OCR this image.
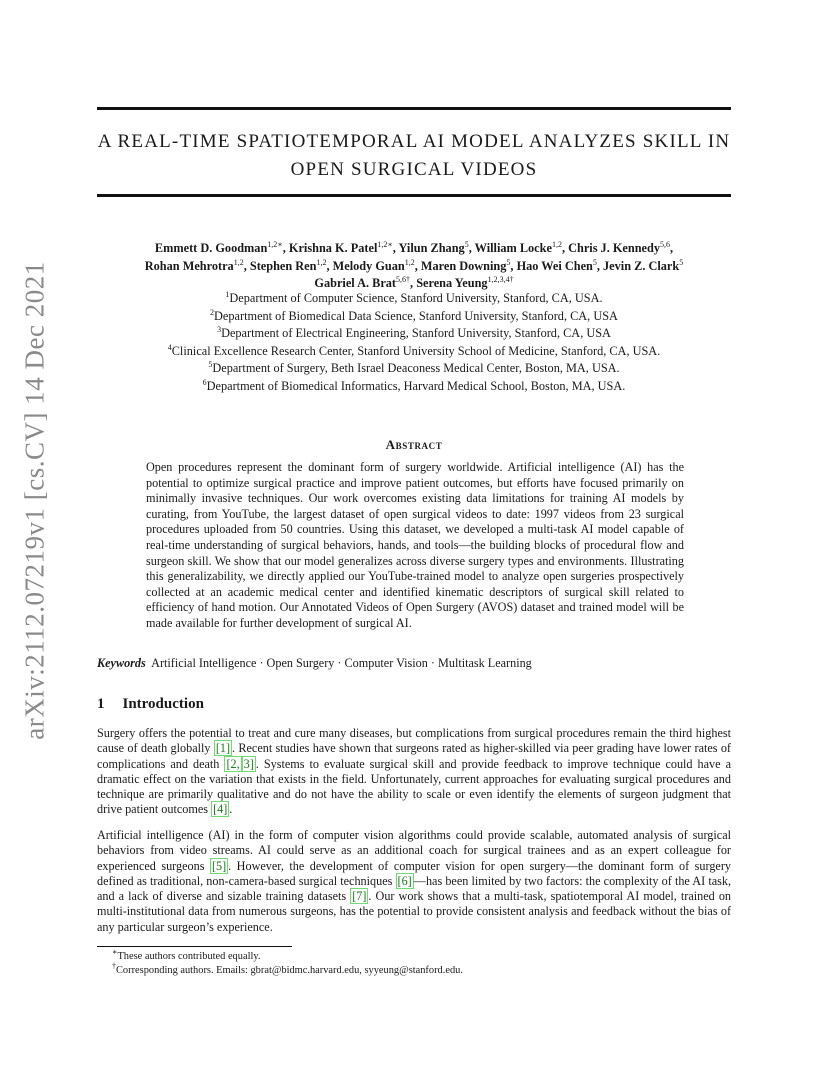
arXiv:2112.07219v1 [cs.CV] 14 Dec 2021
A REAL-TIME SPATIOTEMPORAL AI MODEL ANALYZES SKILL IN OPEN SURGICAL VIDEOS
Emmett D. Goodman$^{1,2∗}$, Krishna K. Patel$^{1,2∗}$, Yilun Zhang$^5$, William Locke$^{1,2}$, Chris J. Kennedy$^{5,6}$,
Rohan Mehrotra$^{1,2}$, Stephen Ren$^{1,2}$, Melody Guan$^{1,2}$, Maren Downing$^5$, Hao Wei Chen$^5$, Jevin Z. Clark$^5$
Gabriel A. Brat$^{5,6\dagger}$, Serena Yeung$^{1,2,3,4\dagger}$
$^1$Department of Computer Science, Stanford University, Stanford, CA, USA.
$^2$Department of Biomedical Data Science, Stanford University, Stanford, CA, USA
$^3$Department of Electrical Engineering, Stanford University, Stanford, CA, USA
$^4$Clinical Excellence Research Center, Stanford University School of Medicine, Stanford, CA, USA.
$^5$Department of Surgery, Beth Israel Deaconess Medical Center, Boston, MA, USA.
$^6$Department of Biomedical Informatics, Harvard Medical School, Boston, MA, USA.
Abstract
Open procedures represent the dominant form of surgery worldwide. Artificial intelligence (AI) has the potential to optimize surgical practice and improve patient outcomes, but efforts have focused primarily on minimally invasive techniques. Our work overcomes existing data limitations for training AI models by curating, from YouTube, the largest dataset of open surgical videos to date: 1997 videos from 23 surgical procedures uploaded from 50 countries. Using this dataset, we developed a multi-task AI model capable of real-time understanding of surgical behaviors, hands, and tools—the building blocks of procedural flow and surgeon skill. We show that our model generalizes across diverse surgery types and environments. Illustrating this generalizability, we directly applied our YouTube-trained model to analyze open surgeries prospectively collected at an academic medical center and identified kinematic descriptors of surgical skill related to efficiency of hand motion. Our Annotated Videos of Open Surgery (AVOS) dataset and trained model will be made available for further development of surgical AI.
Keywords Artificial Intelligence · Open Surgery · Computer Vision · Multitask Learning
1 Introduction
Surgery offers the potential to treat and cure many diseases, but complications from surgical procedures remain the third highest cause of death globally [1] . Recent studies have shown that surgeons rated as higher-skilled via peer grading have lower rates of complications and death [2, 3] . Systems to evaluate surgical skill and provide feedback to improve technique could have a dramatic effect on the variation that exists in the field. Unfortunately, current approaches for evaluating surgical procedures and technique are primarily qualitative and do not have the ability to scale or even identify the elements of surgeon judgment that drive patient outcomes [4] .
Artificial intelligence (AI) in the form of computer vision algorithms could provide scalable, automated analysis of surgical behaviors from video streams. AI could serve as an additional coach for surgical trainees and as an expert colleague for experienced surgeons [5] . However, the development of computer vision for open surgery—the dominant form of surgery defined as traditional, non-camera-based surgical techniques [6] —has been limited by two factors: the complexity of the AI task, and a lack of diverse and sizable training datasets [7] . Our work shows that a multi-task, spatiotemporal AI model, trained on multi-institutional data from numerous surgeons, has the potential to provide consistent analysis and feedback without the bias of any particular surgeon’s experience.
∗These authors contributed equally.
†Corresponding authors. Emails: gbrat@bidmc.harvard.edu, syyeung@stanford.edu.
